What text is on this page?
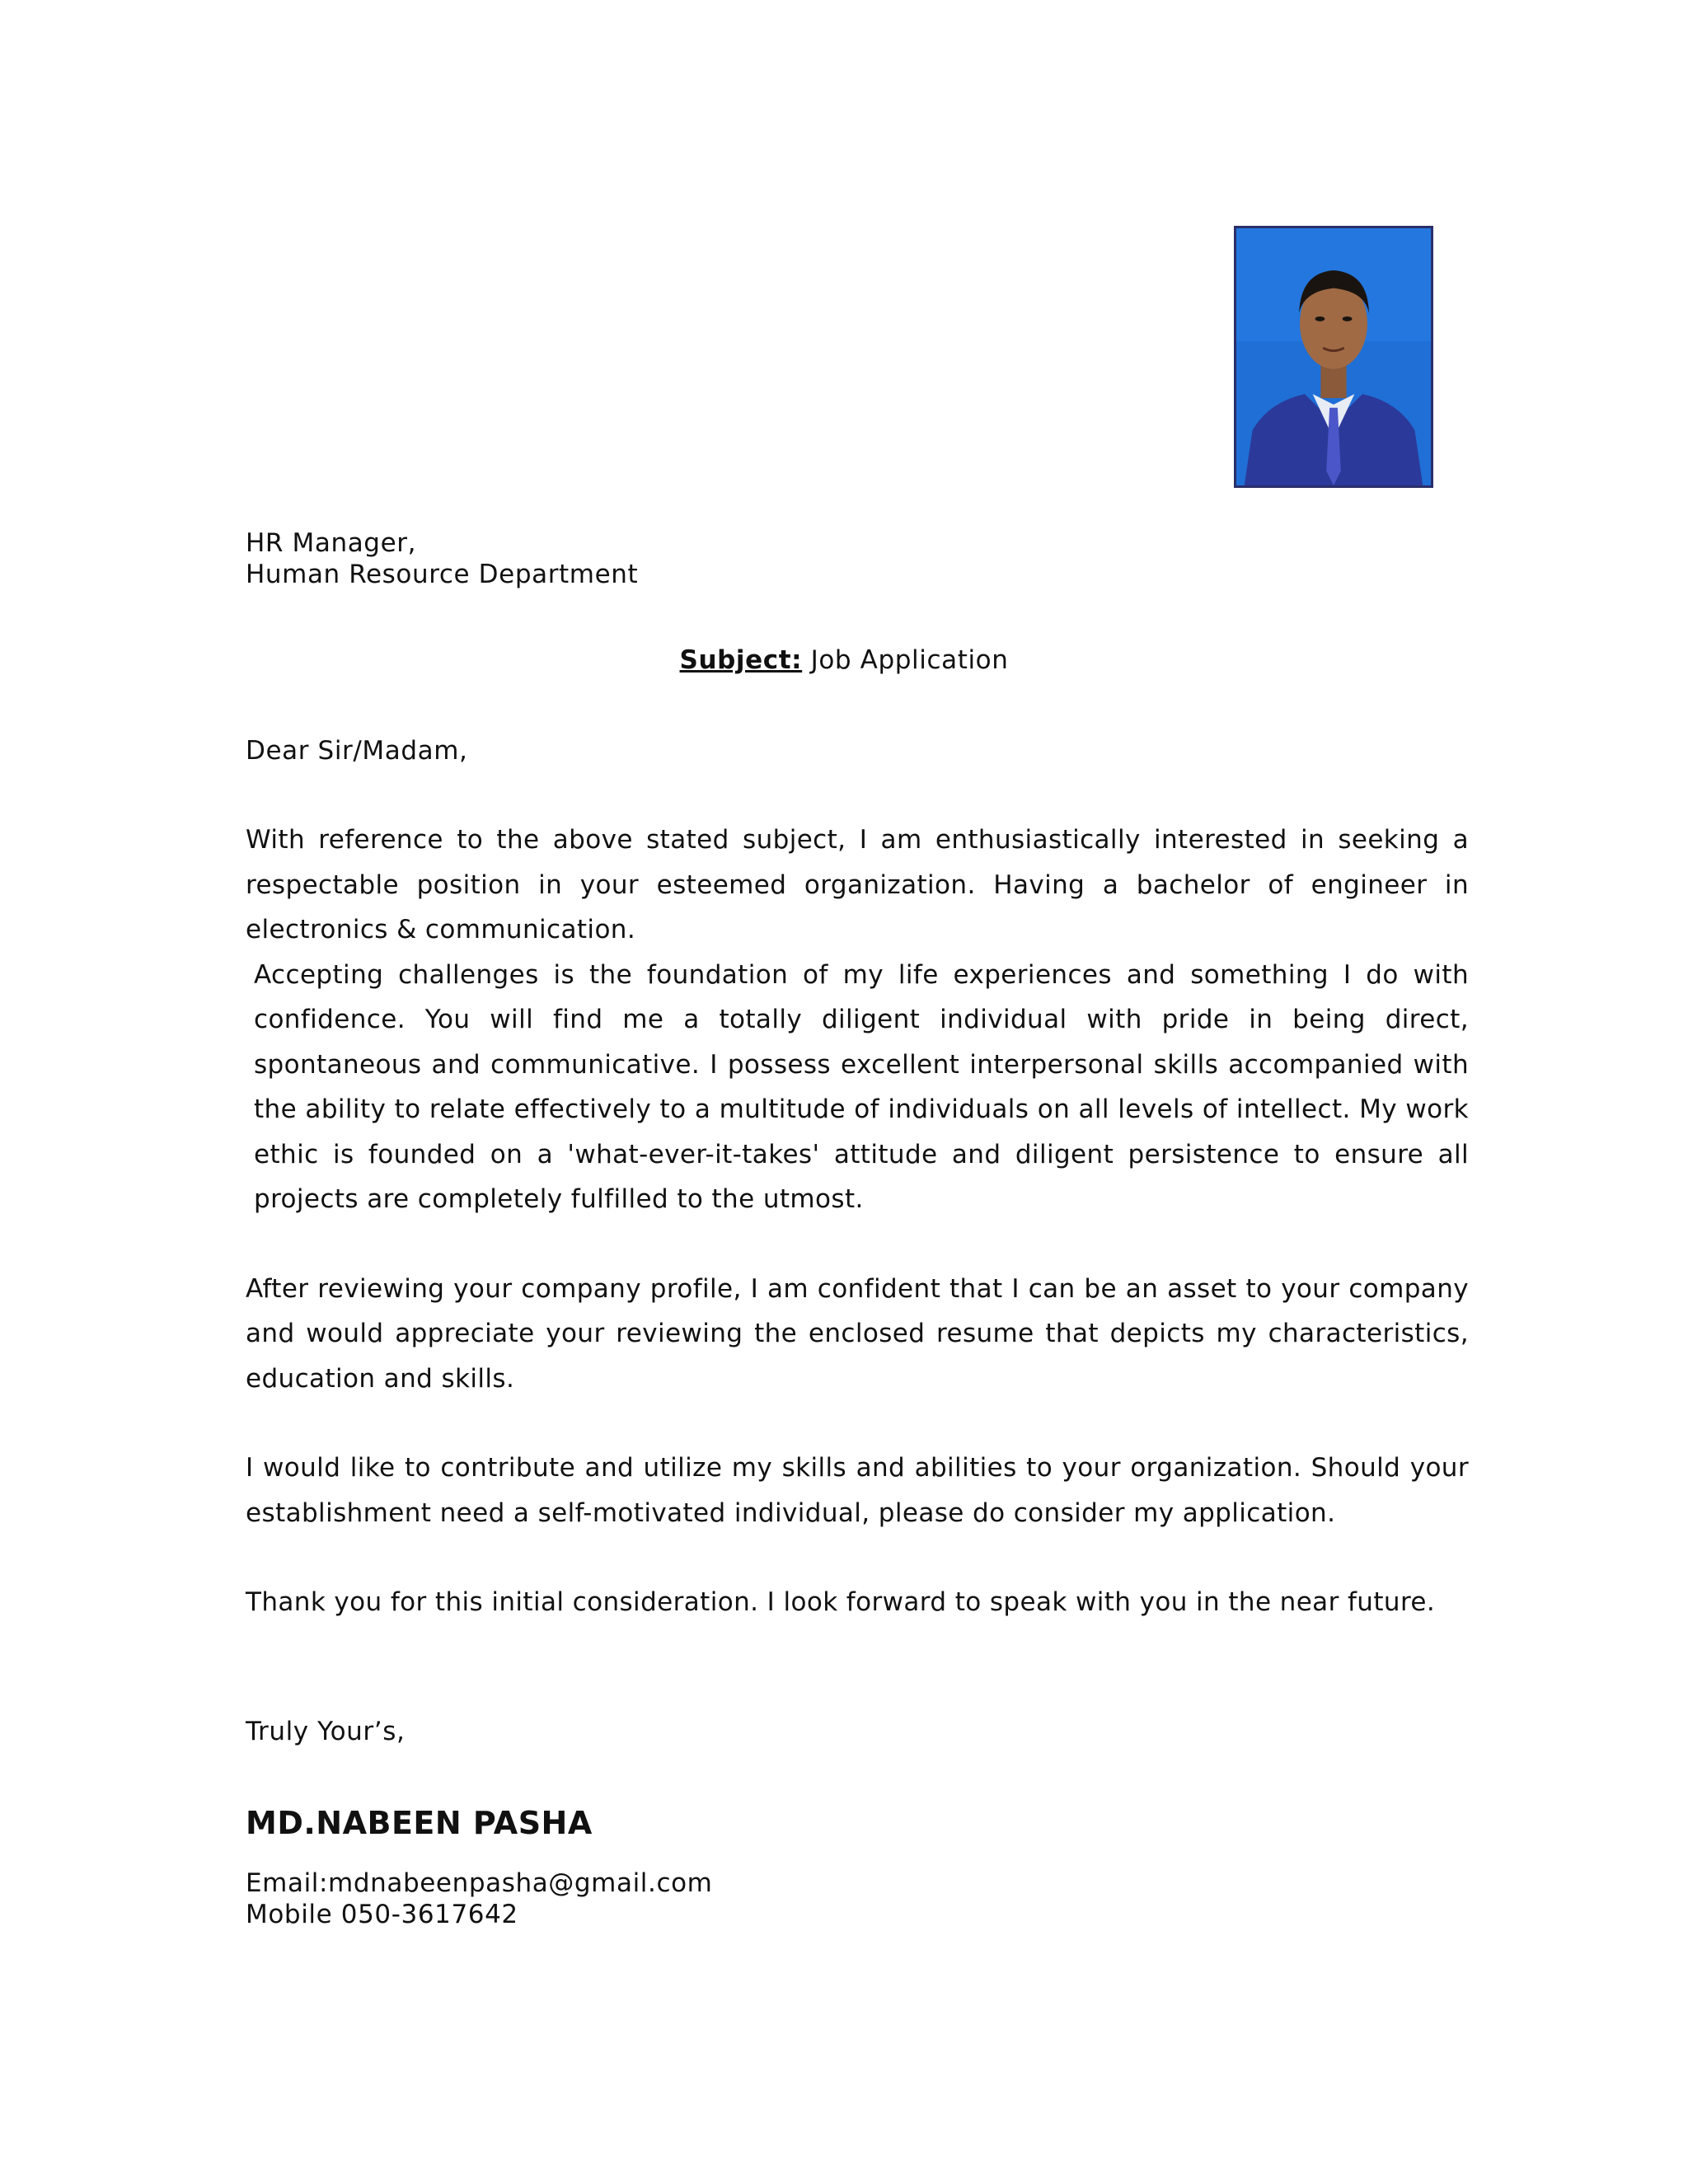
HR Manager,
Human Resource Department
Subject: Job Application
Dear Sir/Madam,

With reference to the above stated subject, I am enthusiastically interested in seeking a respectable position in your esteemed organization. Having a bachelor of engineer in electronics & communication.

Accepting challenges is the foundation of my life experiences and something I do with confidence. You will find me a totally diligent individual with pride in being direct, spontaneous and communicative. I possess excellent interpersonal skills accompanied with the ability to relate effectively to a multitude of individuals on all levels of intellect. My work ethic is founded on a 'what-ever-it-takes' attitude and diligent persistence to ensure all projects are completely fulfilled to the utmost.

After reviewing your company profile, I am confident that I can be an asset to your company and would appreciate your reviewing the enclosed resume that depicts my characteristics, education and skills.

I would like to contribute and utilize my skills and abilities to your organization. Should your establishment need a self-motivated individual, please do consider my application.

Thank you for this initial consideration. I look forward to speak with you in the near future.

Truly Your’s,
MD.NABEEN PASHA
Email:mdnabeenpasha@gmail.com
Mobile 050-3617642
